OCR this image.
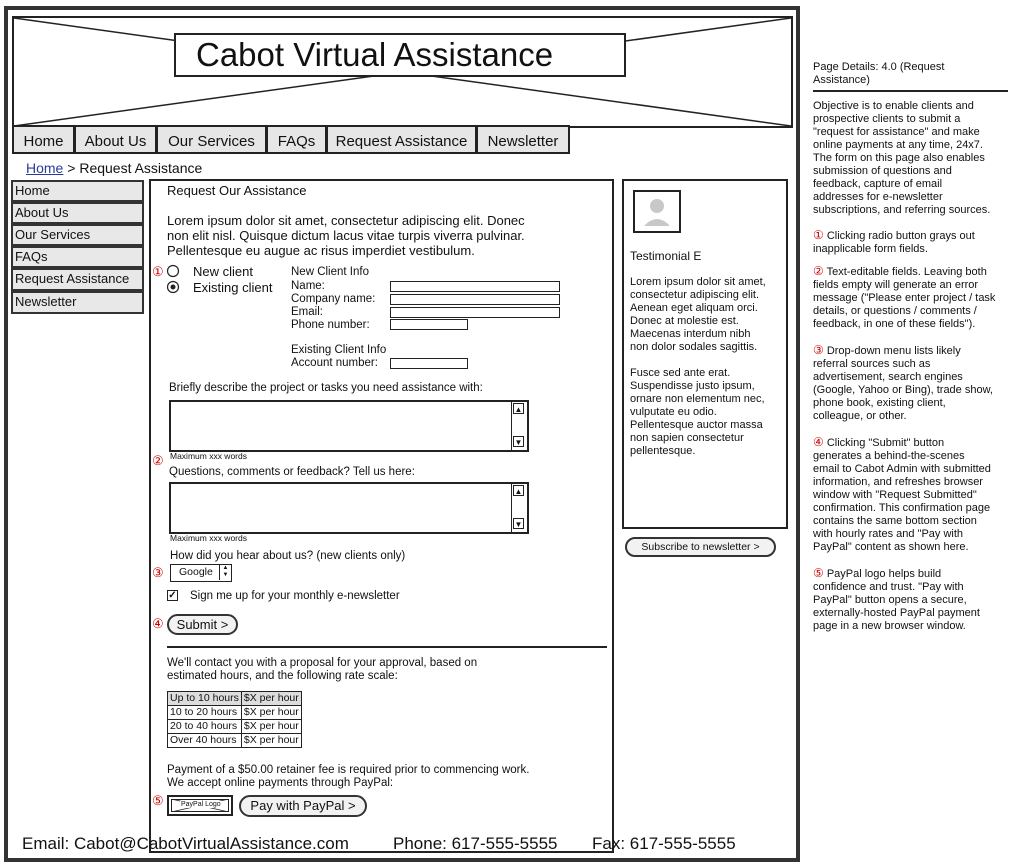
Cabot Virtual Assistance
Home	About Us	Our Services	FAQs	Request Assistance	Newsletter
Home > Request Assistance
Home
About Us
Our Services
FAQs
Request Assistance
Newsletter
Request Our Assistance
Lorem ipsum dolor sit amet, consectetur adipiscing elit. Donec
non elit nisl. Quisque dictum lacus vitae turpis viverra pulvinar.
Pellentesque eu augue ac risus imperdiet vestibulum.
① New client
Existing client
New Client Info
Name:
Company name:
Email:
Phone number:
Existing Client Info
Account number:
Briefly describe the project or tasks you need assistance with:
▲
▼
Maximum xxx words
②
Questions, comments or feedback? Tell us here:
▲
▼
Maximum xxx words
How did you hear about us? (new clients only)
③ Google	▲
▼
✓ Sign me up for your monthly e-newsletter
④	Submit >
We'll contact you with a proposal for your approval, based on
estimated hours, and the following rate scale:
Up to 10 hours	$X per hour
10 to 20 hours	$X per hour
20 to 40 hours	$X per hour
Over 40 hours	$X per hour
Payment of a $50.00 retainer fee is required prior to commencing work.
We accept online payments through PayPal:
⑤ PayPal Logo	Pay with PayPal >
Testimonial E
Lorem ipsum dolor sit amet,
consectetur adipiscing elit.
Aenean eget aliquam orci.
Donec at molestie est.
Maecenas interdum nibh
non dolor sodales sagittis.
Fusce sed ante erat.
Suspendisse justo ipsum,
ornare non elementum nec,
vulputate eu odio.
Pellentesque auctor massa
non sapien consectetur
pellentesque.
Subscribe to newsletter >
Email: Cabot@CabotVirtualAssistance.com	Phone: 617-555-5555 Fax: 617-555-5555
Page Details: 4.0 (Request
Assistance)
Objective is to enable clients and
prospective clients to submit a
"request for assistance" and make
online payments at any time, 24x7.
The form on this page also enables
submission of questions and
feedback, capture of email
addresses for e-newsletter
subscriptions, and referring sources.
① Clicking radio button grays out
inapplicable form fields.
② Text-editable fields. Leaving both
fields empty will generate an error
message ("Please enter project / task
details, or questions / comments /
feedback, in one of these fields").
③ Drop-down menu lists likely
referral sources such as
advertisement, search engines
(Google, Yahoo or Bing), trade show,
phone book, existing client,
colleague, or other.
④ Clicking "Submit" button
generates a behind-the-scenes
email to Cabot Admin with submitted
information, and refreshes browser
window with "Request Submitted"
confirmation. This confirmation page
contains the same bottom section
with hourly rates and "Pay with
PayPal" content as shown here.
⑤ PayPal logo helps build
confidence and trust. "Pay with
PayPal" button opens a secure,
externally-hosted PayPal payment
page in a new browser window.
